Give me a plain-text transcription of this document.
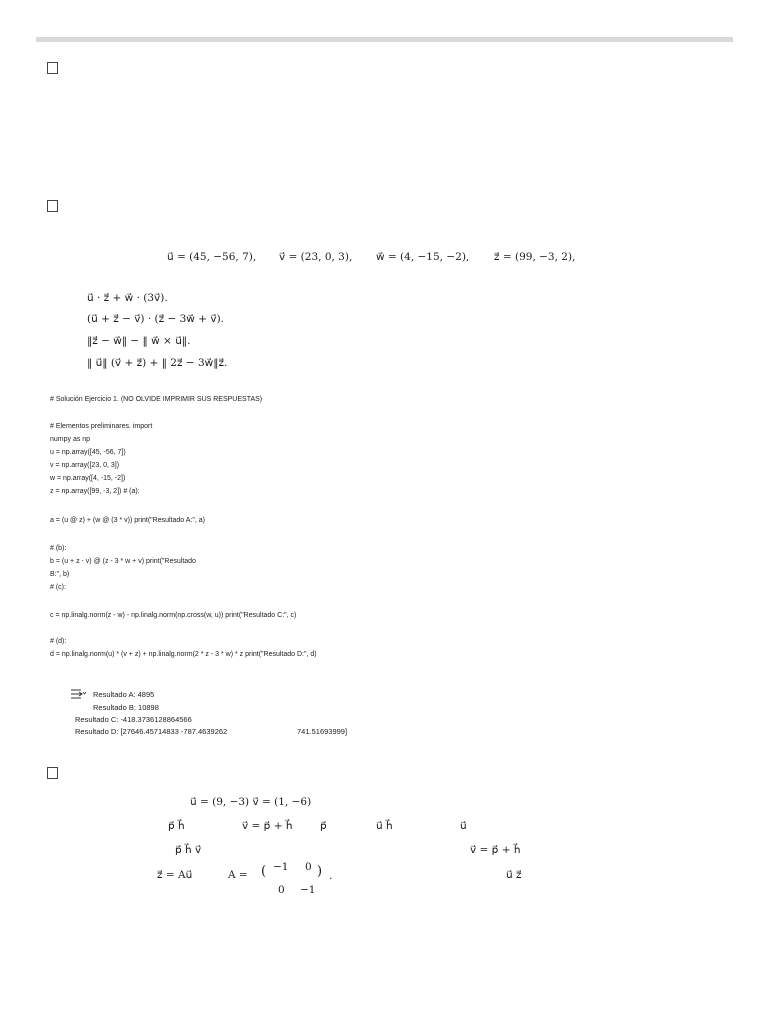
u⃗ = (45, −56, 7), v⃗ = (23, 0, 3), w⃗ = (4, −15, −2), z⃗ = (99, −3, 2),
u⃗ · z⃗ + w⃗ · (3v⃗).
(u⃗ + z⃗ − v⃗) · (z⃗ − 3w⃗ + v⃗).
‖z⃗ − w⃗‖ − ‖ w⃗ × u⃗‖.
‖ u⃗‖ (v⃗ + z⃗) + ‖ 2z⃗ − 3w⃗‖z⃗.
# Solución Ejercicio 1. (NO OLVIDE IMPRIMIR SUS RESPUESTAS)
# Elementos preliminares. import
numpy as np
u = np.array([45, -56, 7])
v = np.array([23, 0, 3])
w = np.array([4, -15, -2])
z = np.array([99, -3, 2]) # (a):
a = (u @ z) + (w @ (3 * v)) print("Resultado A:", a)
# (b):
b = (u + z - v) @ (z - 3 * w + v) print("Resultado
B:", b)
# (c):
c = np.linalg.norm(z - w) - np.linalg.norm(np.cross(w, u)) print("Resultado C:", c)
# (d):
d = np.linalg.norm(u) * (v + z) + np.linalg.norm(2 * z - 3 * w) * z print("Resultado D:", d)
Resultado A: 4895
Resultado B: 10898
Resultado C: -418.3736128864566
Resultado D: [27646.45714833 -787.4639262	741.51693999]
u⃗ = (9, −3) v⃗ = (1, −6)
p⃗ h⃗	v⃗ = p⃗ + h⃗	p⃗	u⃗ h⃗	u⃗
p⃗ h⃗ v⃗	v⃗ = p⃗ + h⃗
z⃗ = Au⃗	A = ( −1 0
0 −1
) .	u⃗ z⃗
